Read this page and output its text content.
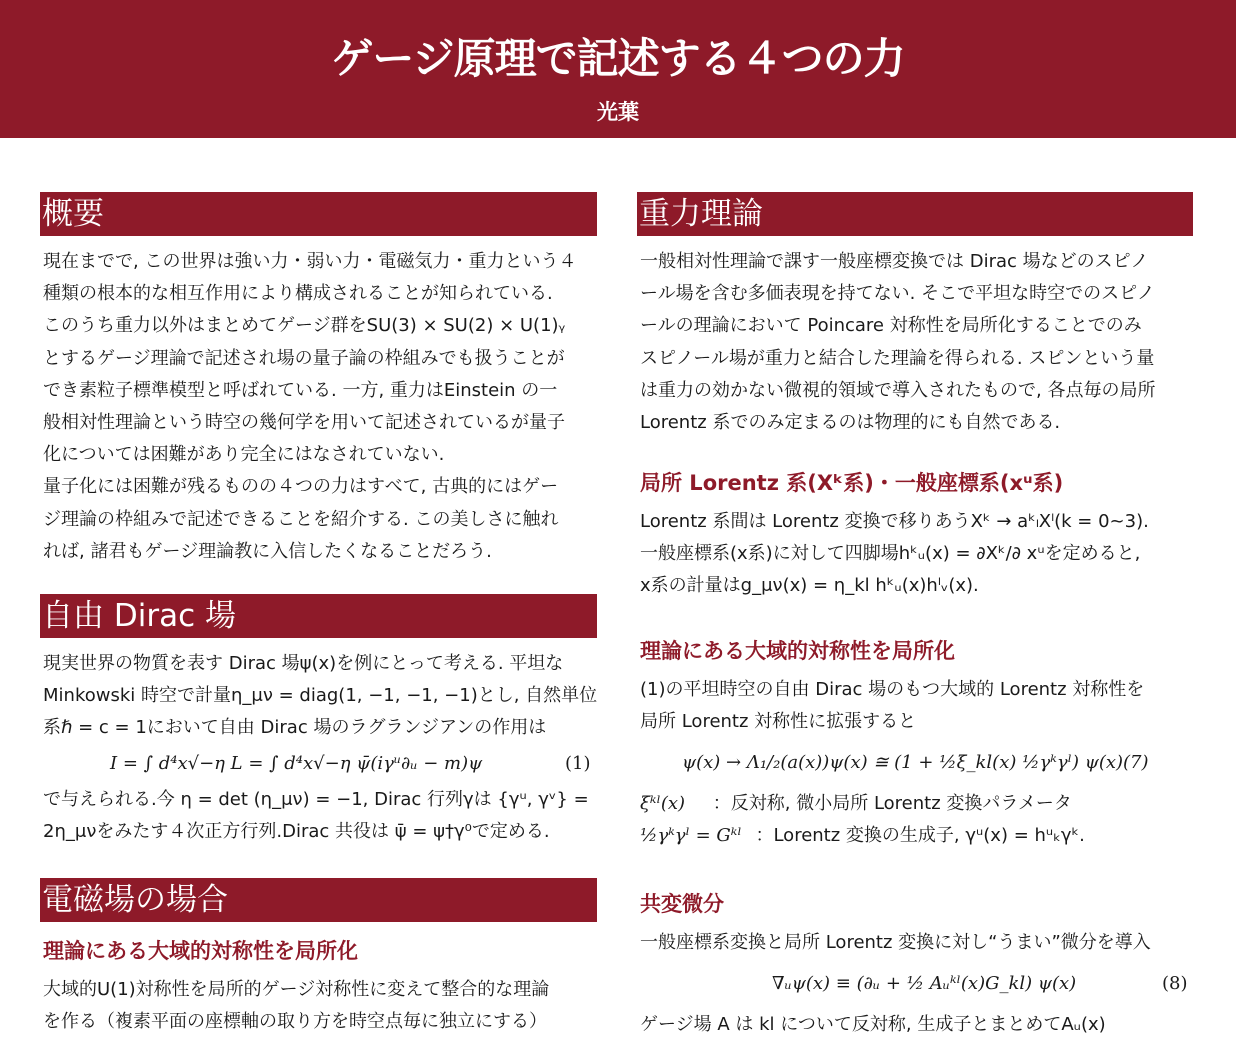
ゲージ原理で記述する４つの力
光葉
概要
現在までで, この世界は強い力・弱い力・電磁気力・重力という４
種類の根本的な相互作用により構成されることが知られている.
このうち重力以外はまとめてゲージ群をSU(3) × SU(2) × U(1)ᵧ
とするゲージ理論で記述され場の量子論の枠組みでも扱うことが
でき素粒子標準模型と呼ばれている. 一方, 重力はEinstein の一
般相対性理論という時空の幾何学を用いて記述されているが量子
化については困難があり完全にはなされていない.
量子化には困難が残るものの４つの力はすべて, 古典的にはゲー
ジ理論の枠組みで記述できることを紹介する. この美しさに触れ
れば, 諸君もゲージ理論教に入信したくなることだろう.
自由 Dirac 場
現実世界の物質を表す Dirac 場ψ(x)を例にとって考える. 平坦な
Minkowski 時空で計量η_μν = diag(1, −1, −1, −1)とし, 自然単位
系ℏ = c = 1において自由 Dirac 場のラグランジアンの作用は
I = ∫ d⁴x√−η L = ∫ d⁴x√−η ψ̄(iγᵘ∂ᵤ − m)ψ	(1)
で与えられる.今 η = det (η_μν) = −1, Dirac 行列γは {γᵘ, γᵛ} =
2η_μνをみたす４次正方行列.Dirac 共役は ψ̄ = ψ†γ⁰で定める.
電磁場の場合
理論にある大域的対称性を局所化
大域的U(1)対称性を局所的ゲージ対称性に変えて整合的な理論
を作る（複素平面の座標軸の取り方を時空点毎に独立にする）
重力理論
一般相対性理論で課す一般座標変換では Dirac 場などのスピノ
ール場を含む多価表現を持てない. そこで平坦な時空でのスピノ
ールの理論において Poincare 対称性を局所化することでのみ
スピノール場が重力と結合した理論を得られる. スピンという量
は重力の効かない微視的領域で導入されたもので, 各点毎の局所
Lorentz 系でのみ定まるのは物理的にも自然である.
局所 Lorentz 系(Xᵏ系)・一般座標系(xᵘ系)
Lorentz 系間は Lorentz 変換で移りあうXᵏ → aᵏₗXˡ(k = 0~3).
一般座標系(x系)に対して四脚場hᵏᵤ(x) = ∂Xᵏ/∂ xᵘを定めると,
x系の計量はg_μν(x) = η_kl hᵏᵤ(x)hˡᵥ(x).
理論にある大域的対称性を局所化
(1)の平坦時空の自由 Dirac 場のもつ大域的 Lorentz 対称性を
局所 Lorentz 対称性に拡張すると
ψ(x) → Λ₁/₂(a(x))ψ(x) ≅ (1 + ½ξ_kl(x) ½γᵏγˡ) ψ(x)(7)
ξᵏˡ(x) ：反対称, 微小局所 Lorentz 変換パラメータ
½γᵏγˡ = Gᵏˡ ：Lorentz 変換の生成子, γᵘ(x) = hᵘₖγᵏ.
共変微分
一般座標系変換と局所 Lorentz 変換に対し“うまい”微分を導入
∇ᵤψ(x) ≡ (∂ᵤ + ½ Aᵤᵏˡ(x)G_kl) ψ(x)	(8)
ゲージ場 A は kl について反対称, 生成子とまとめてAᵤ(x)
